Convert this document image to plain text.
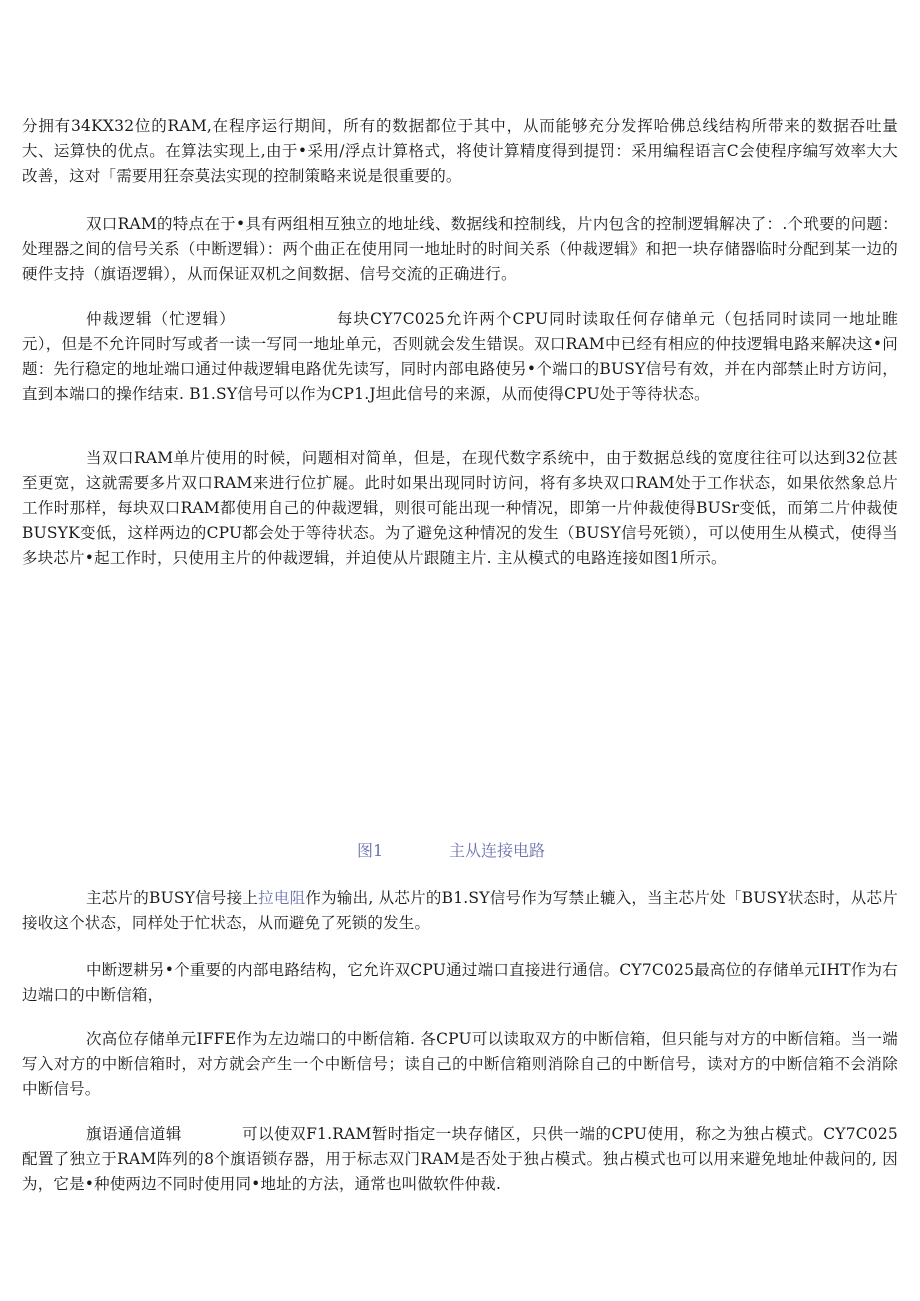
分拥有34KX32位的RAM,在程序运行期间，所有的数据都位于其中，从而能够充分发挥哈佛总线结构所带来的数据吞吐量大、运算快的优点。在算法实现上,由于•采用/浮点计算格式，将使计算精度得到提罚：采用编程语言C会使程序编写效率大大改善，这对「需要用狂奈莫法实现的控制策略来说是很重要的。

双口RAM的特点在于•具有两组相互独立的地址线、数据线和控制线，片内包含的控制逻辑解决了：.个玳要的问题：处理器之间的信号关系（中断逻辑）：两个曲正在使用同一地址时的时间关系（仲裁逻辑》和把一块存储器临时分配到某一边的硬件支持（旗语逻辑），从而保证双机之间数据、信号交流的正确进行。

仲裁逻辑（忙逻辑）	每块CY7C025允许两个CPU同时读取任何存储单元（包括同时读同一地址睢元），但是不允许同时写或者一读一写同一地址单元，否则就会发生错误。双口RAM中已经有相应的仲技逻辑电路来解决这•问题：先行稳定的地址端口通过仲裁逻辑电路优先读写，同时内部电路使另•个端口的BUSY信号有效，并在内部禁止时方访问，直到本端口的操作结束. B1.SY信号可以作为CP1.J坦此信号的来源，从而使得CPU处于等待状态。

当双口RAM单片使用的时候，问题相对简单，但是，在现代数字系统中，由于数据总线的宽度往往可以达到32位甚至更宽，这就需要多片双口RAM来进行位扩屣。此时如果出现同时访问，将有多块双口RAM处于工作状态，如果依然象总片工作时那样，每块双口RAM都使用自己的仲裁逻辑，则很可能出现一种情况，即第一片仲裁使得BUSr变低，而第二片仲裁使BUSYK变低，这样两边的CPU都会处于等待状态。为了避免这种情况的发生（BUSY信号死锁），可以使用生从模式，使得当多块芯片•起工作时，只使用主片的仲裁逻辑，并迫使从片跟随主片. 主从模式的电路连接如图1所示。

图1	主从连接电路

主芯片的BUSY信号接上拉电阻作为输出, 从芯片的B1.SY信号作为写禁止辘入，当主芯片处「BUSY状态时，从芯片接收这个状态，同样处于忙状态，从而避免了死锁的发生。

中断逻耕另•个重要的内部电路结构，它允许双CPU通过端口直接进行通信。CY7C025最高位的存储单元IHT作为右边端口的中断信箱，

次高位存储单元IFFE作为左边端口的中断信箱. 各CPU可以读取双方的中断信箱，但只能与对方的中断信箱。当一端写入对方的中断信箱时，对方就会产生一个中断信号；读自己的中断信箱则消除自己的中断信号，读对方的中断信箱不会消除中断信号。

旗语通信道辑	可以使双F1.RAM暂时指定一块存储区，只供一端的CPU使用，称之为独占模式。CY7C025配置了独立于RAM阵列的8个旗语锁存器，用于标志双门RAM是否处于独占模式。独占模式也可以用来避免地址仲裁问的, 因为，它是•种使两边不同时使用同•地址的方法，通常也叫做软件仲裁.
